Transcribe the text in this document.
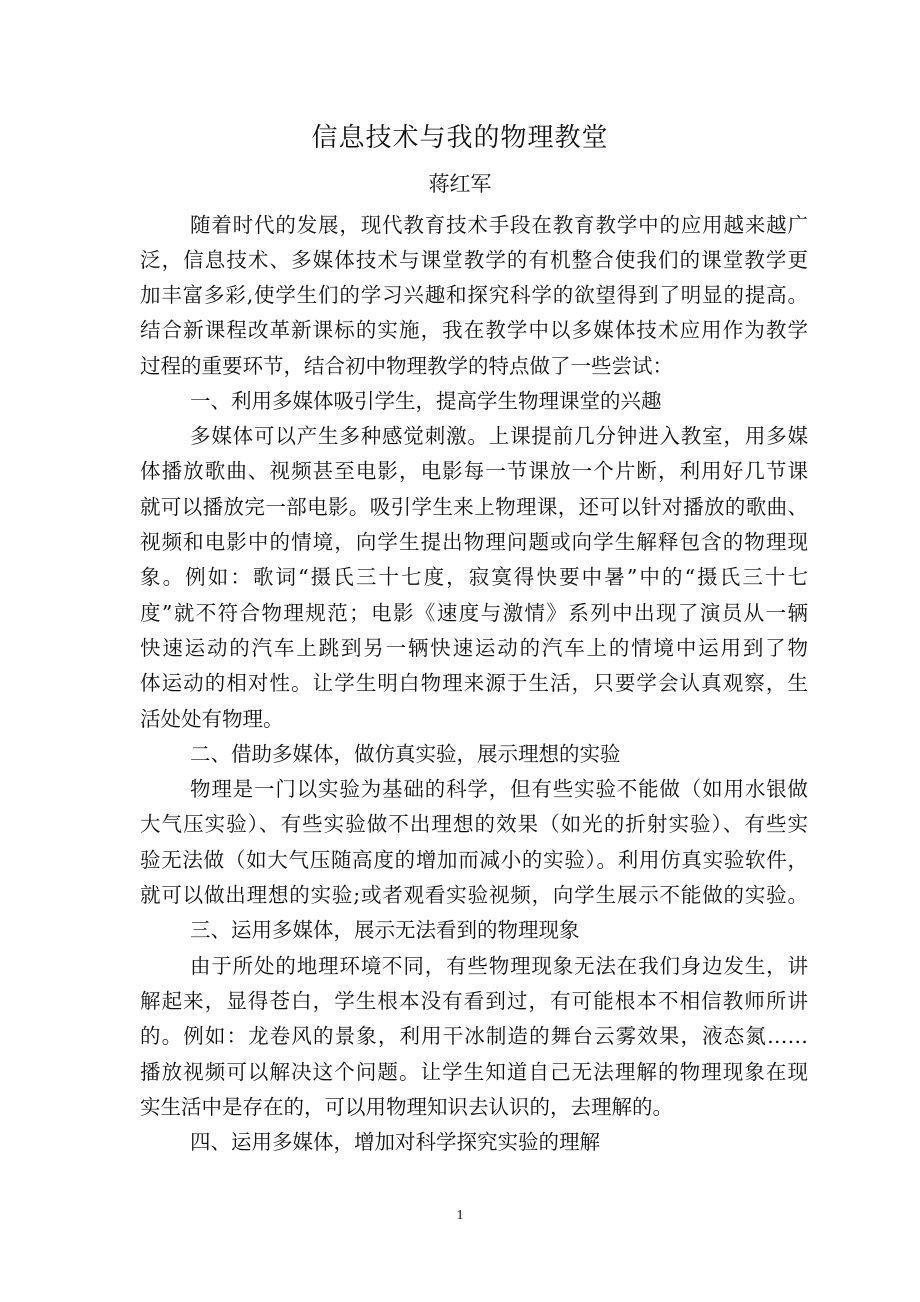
信息技术与我的物理教堂
蒋红军
随着时代的发展，现代教育技术手段在教育教学中的应用越来越广
泛，信息技术、多媒体技术与课堂教学的有机整合使我们的课堂教学更
加丰富多彩,使学生们的学习兴趣和探究科学的欲望得到了明显的提高。
结合新课程改革新课标的实施，我在教学中以多媒体技术应用作为教学
过程的重要环节，结合初中物理教学的特点做了一些尝试：
一、利用多媒体吸引学生，提高学生物理课堂的兴趣
多媒体可以产生多种感觉刺激。上课提前几分钟进入教室，用多媒
体播放歌曲、视频甚至电影，电影每一节课放一个片断，利用好几节课
就可以播放完一部电影。吸引学生来上物理课，还可以针对播放的歌曲、
视频和电影中的情境，向学生提出物理问题或向学生解释包含的物理现
象。例如：歌词“摄氏三十七度，寂寞得快要中暑”中的“摄氏三十七
度”就不符合物理规范；电影《速度与激情》系列中出现了演员从一辆
快速运动的汽车上跳到另一辆快速运动的汽车上的情境中运用到了物
体运动的相对性。让学生明白物理来源于生活，只要学会认真观察，生
活处处有物理。
二、借助多媒体，做仿真实验，展示理想的实验
物理是一门以实验为基础的科学，但有些实验不能做（如用水银做
大气压实验）、有些实验做不出理想的效果（如光的折射实验）、有些实
验无法做（如大气压随高度的增加而减小的实验）。利用仿真实验软件，
就可以做出理想的实验;或者观看实验视频，向学生展示不能做的实验。
三、运用多媒体，展示无法看到的物理现象
由于所处的地理环境不同，有些物理现象无法在我们身边发生，讲
解起来，显得苍白，学生根本没有看到过，有可能根本不相信教师所讲
的。例如：龙卷风的景象，利用干冰制造的舞台云雾效果，液态氮……
播放视频可以解决这个问题。让学生知道自己无法理解的物理现象在现
实生活中是存在的，可以用物理知识去认识的，去理解的。
四、运用多媒体，增加对科学探究实验的理解
1
